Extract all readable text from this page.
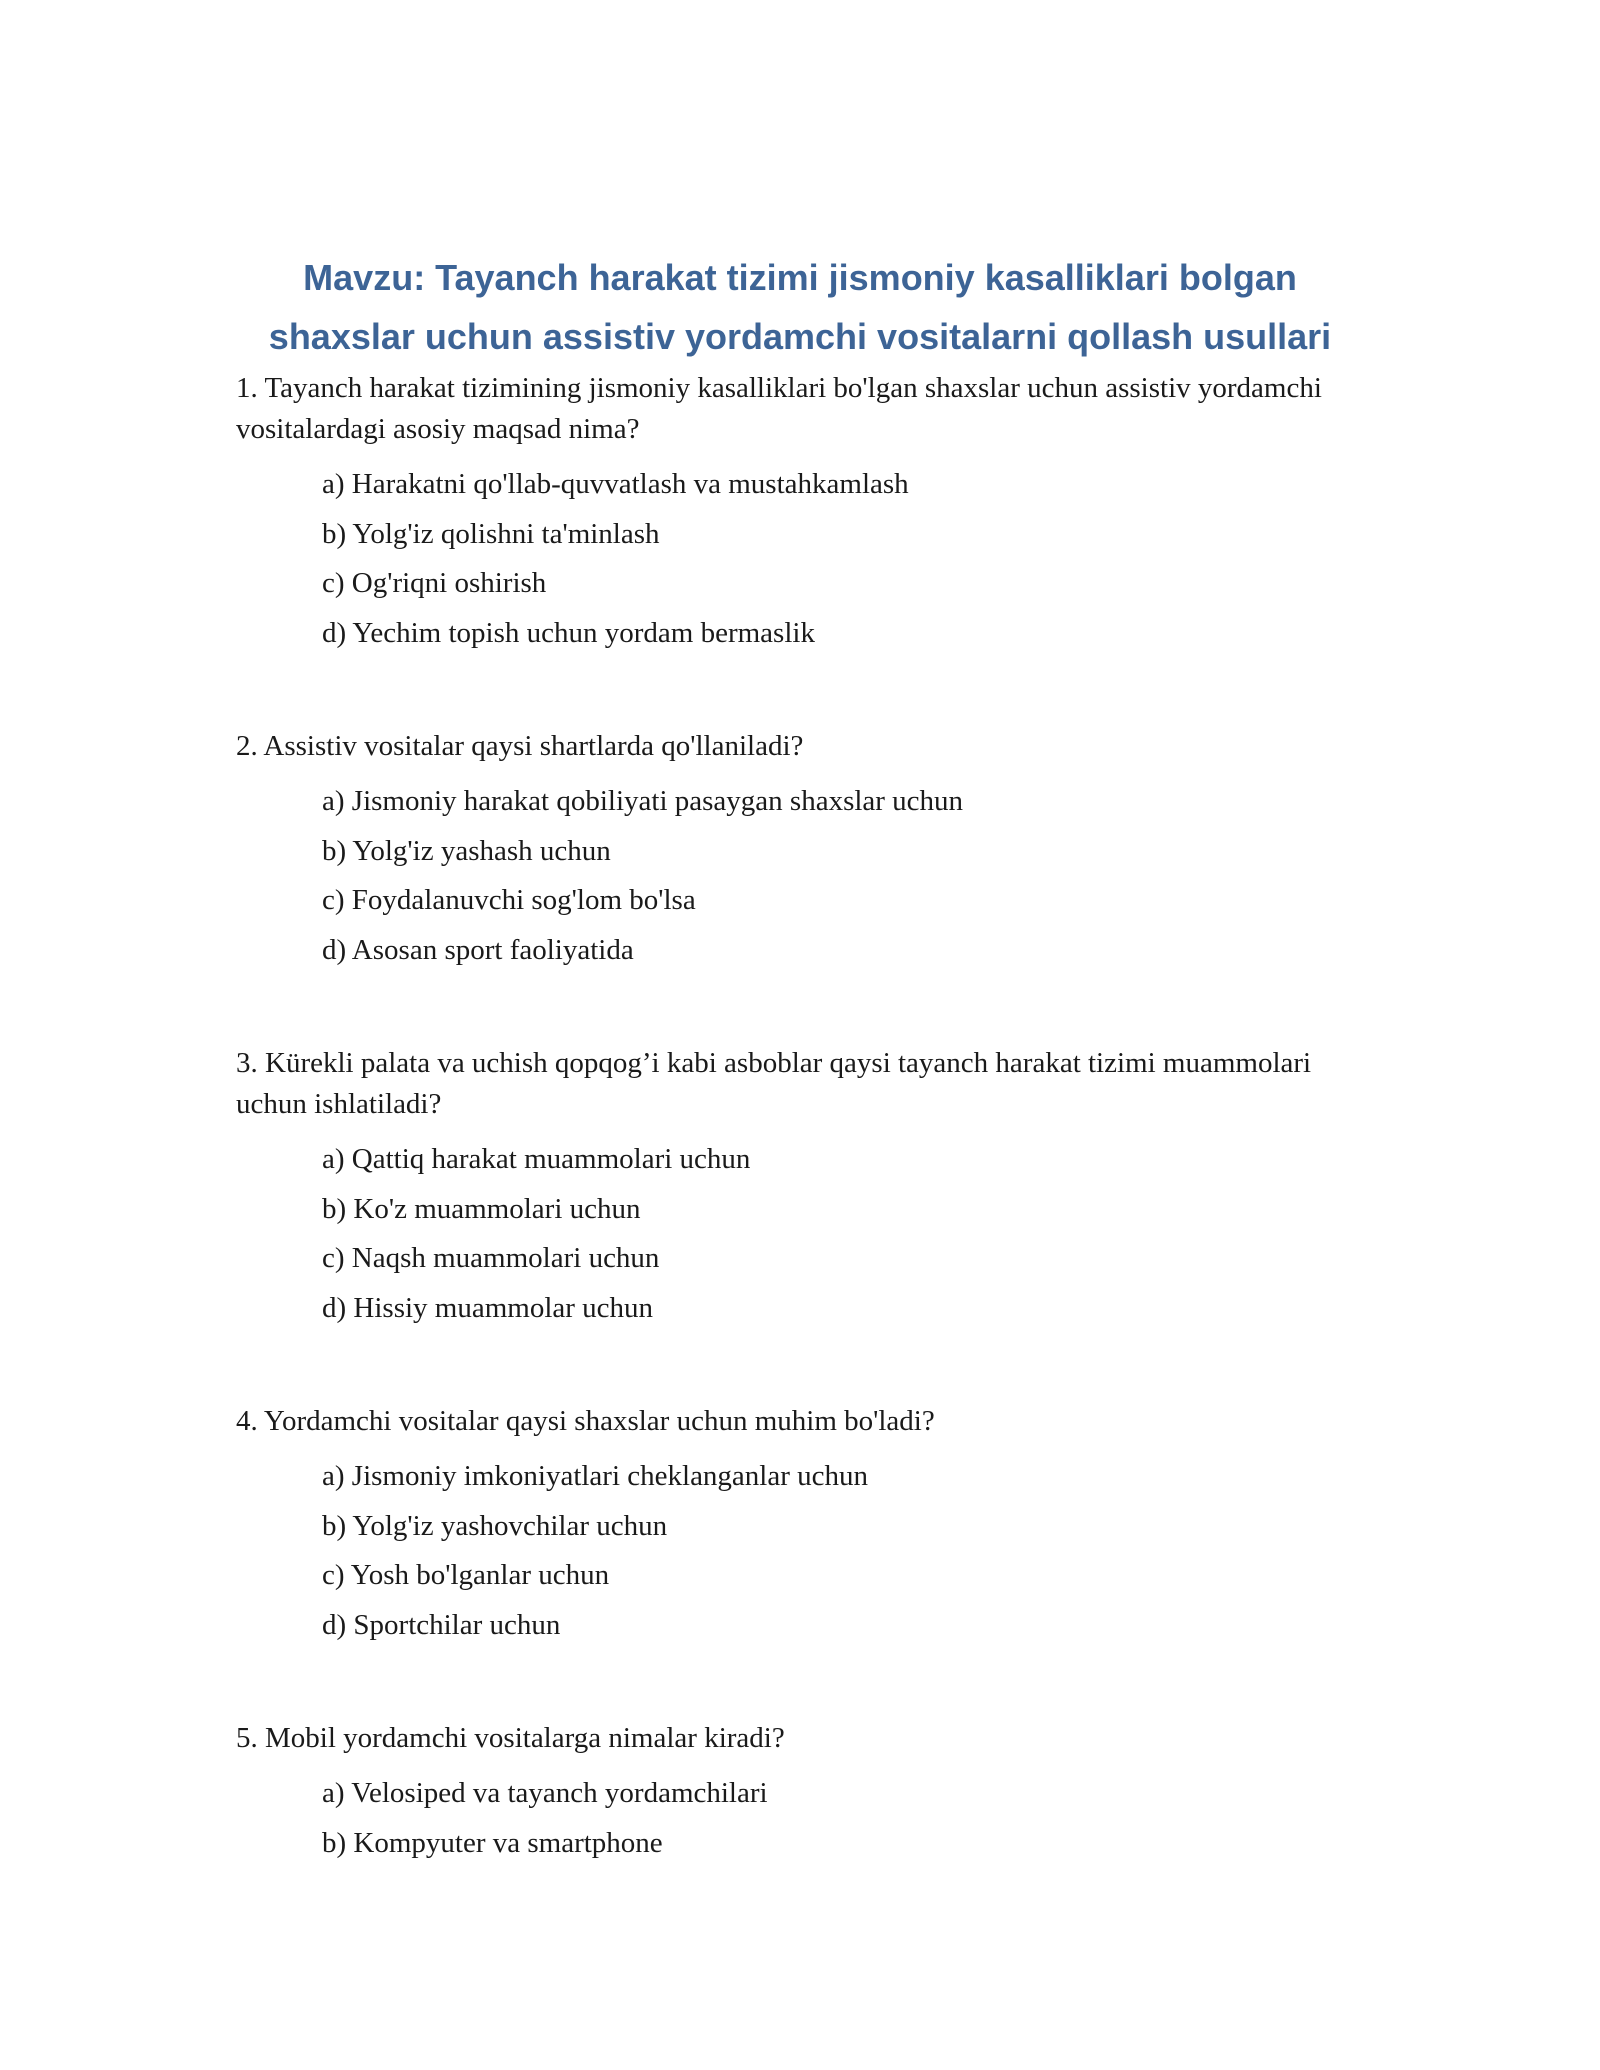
Mavzu: Tayanch harakat tizimi jismoniy kasalliklari bolgan
shaxslar uchun assistiv yordamchi vositalarni qollash usullari

1. Tayanch harakat tizimining jismoniy kasalliklari bo'lgan shaxslar uchun assistiv yordamchi vositalardagi asosiy maqsad nima?

a) Harakatni qo'llab-quvvatlash va mustahkamlash
b) Yolg'iz qolishni ta'minlash
c) Og'riqni oshirish
d) Yechim topish uchun yordam bermaslik

2. Assistiv vositalar qaysi shartlarda qo'llaniladi?

a) Jismoniy harakat qobiliyati pasaygan shaxslar uchun
b) Yolg'iz yashash uchun
c) Foydalanuvchi sog'lom bo'lsa
d) Asosan sport faoliyatida

3. Kürekli palata va uchish qopqog’i kabi asboblar qaysi tayanch harakat tizimi muammolari uchun ishlatiladi?

a) Qattiq harakat muammolari uchun
b) Ko'z muammolari uchun
c) Naqsh muammolari uchun
d) Hissiy muammolar uchun

4. Yordamchi vositalar qaysi shaxslar uchun muhim bo'ladi?

a) Jismoniy imkoniyatlari cheklanganlar uchun
b) Yolg'iz yashovchilar uchun
c) Yosh bo'lganlar uchun
d) Sportchilar uchun

5. Mobil yordamchi vositalarga nimalar kiradi?

a) Velosiped va tayanch yordamchilari
b) Kompyuter va smartphone
